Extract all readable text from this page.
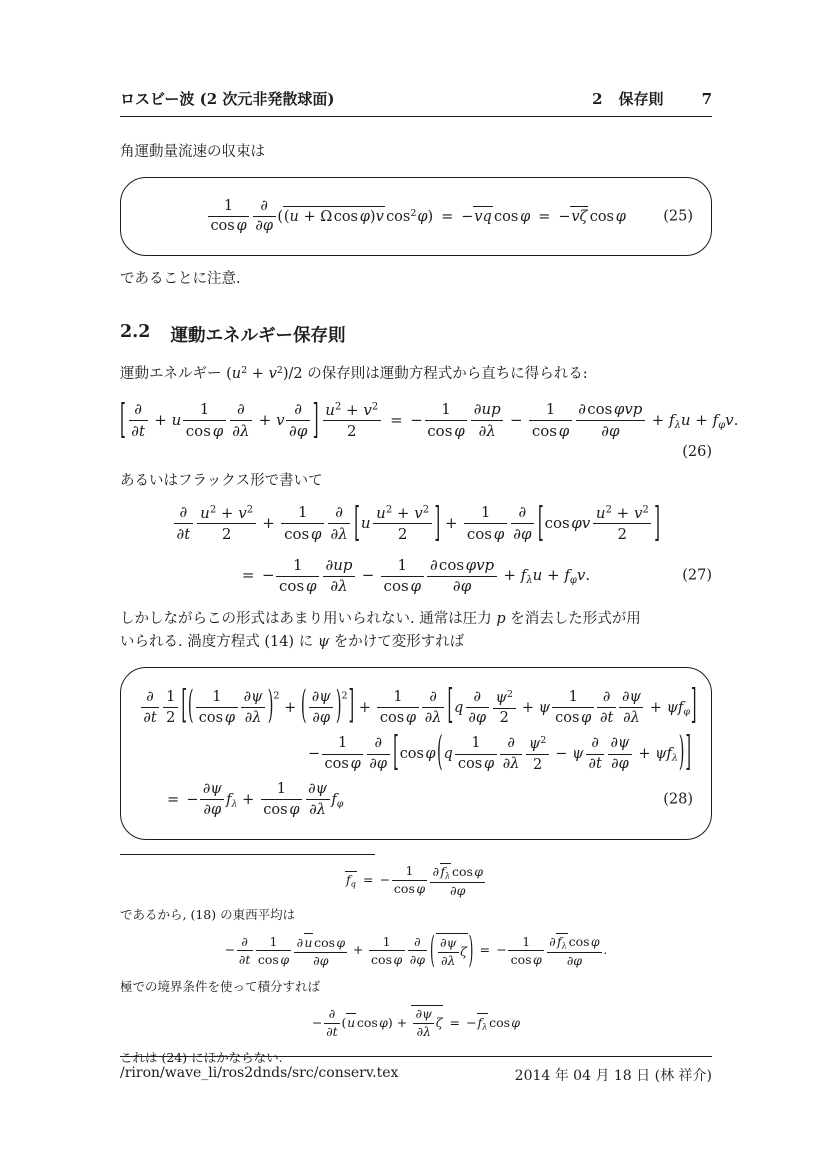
ロスビー波 (2 次元非発散球面)	2 保存則	7

角運動量流速の収束は

(25)
$\frac{1}{\text{cos φ}} \frac{\partial}{\partial\varphi} ((u + \Omega\cos$ φ)v $\cos^2\varphi) = -vq$ cos φ = −vζ cos φ

であることに注意.

2.2 運動エネルギー保存則

運動エネルギー $(u^2 + v^2)/2$ の保存則は運動方程式から直ちに得られる:

[ $\frac{\partial}{\partial t} + u \frac{1}{\text{cos φ}} \frac{\partial}{\partial\lambda} + v \frac{\partial}{\partial\varphi}$ ] $\frac{u^2 + v^2}{2}$ = − $\frac{1}{\text{cos φ}} \frac{\partial up}{\partial\lambda} - \frac{1}{\text{cos φ}} \frac{\text{∂cos φvp}}{\partial\varphi} + f\lambda u + f\varphi v$.
(26)

あるいはフラックス形で書いて

$\frac{\partial}{\partial t} \frac{u^2 + v^2}{2} + \frac{1}{\text{cos φ}} \frac{\partial}{\partial\lambda}$ [ u $\frac{u^2 + v^2}{2}$ ] + $\frac{1}{\text{cos φ}} \frac{\partial}{\partial\varphi}$ [ cos φv $\frac{u^2 + v^2}{2}$ ]
(27)
= − $\frac{1}{\text{cos φ}} \frac{\partial up}{\partial\lambda} - \frac{1}{\text{cos φ}} \frac{\text{∂cos φvp}}{\partial\varphi} + f\lambda u + f\varphi v$.

しかしながらこの形式はあまり用いられない. 通常は圧力 p を消去した形式が用

いられる. 渦度方程式 (14) に ψ をかけて変形すれば

$\frac{\partial}{\partial t} \frac{1}{2}$ [ ( $\frac{1}{\text{cos φ}} \frac{\partial\psi}{\partial\lambda}$ ) $^2$ + ( $\frac{\partial\psi}{\partial\varphi}$ ) $^2$ ] + $\frac{1}{\text{cos φ}} \frac{\partial}{\partial\lambda}$ [ q $\frac{\partial}{\partial\varphi} \frac{\psi^2}{2} + \psi \frac{1}{\text{cos φ}} \frac{\partial}{\partial t} \frac{\partial\psi}{\partial\lambda} + \psi f\varphi$ ]
− $\frac{1}{\text{cos φ}} \frac{\partial}{\partial\varphi}$ [ cosφ ( q $\frac{1}{\text{cos φ}} \frac{\partial}{\partial\lambda} \frac{\psi^2}{2} - \psi \frac{\partial}{\partial t} \frac{\partial\psi}{\partial\varphi} + \psi f\lambda$ ) ]
(28)
= − $\frac{\partial\psi}{\partial\varphi}$ $f\lambda + \frac{1}{\text{cos φ}} \frac{\partial\psi}{\partial\lambda}$ fφ
fq = − $\frac{1}{\text{cos φ}} \frac{\text{∂fλ cosφ}}{\partial\varphi}$

であるから, (18) の東西平均は

− $\frac{\partial}{\partial t} \frac{1}{\text{cos φ}} \frac{\text{∂u cosφ}}{\partial\varphi} + \frac{1}{\text{cos φ}} \frac{\partial}{\partial\varphi}$ ( $\frac{\partial\psi}{\partial\lambda}$ ζ ) = − $\frac{1}{\text{cos φ}} \frac{\text{∂fλ cosφ}}{\partial\varphi}$ .

極での境界条件を使って積分すれば

− $\frac{\partial}{\partial t} (u$ $\cos\varphi) + \frac{\partial\psi}{\partial\lambda}$ ζ = −fλ cosφ

これは (24) にほかならない.

/riron/wave_li/ros2dnds/src/conserv.tex	2014 年 04 月 18 日 (林 祥介)
